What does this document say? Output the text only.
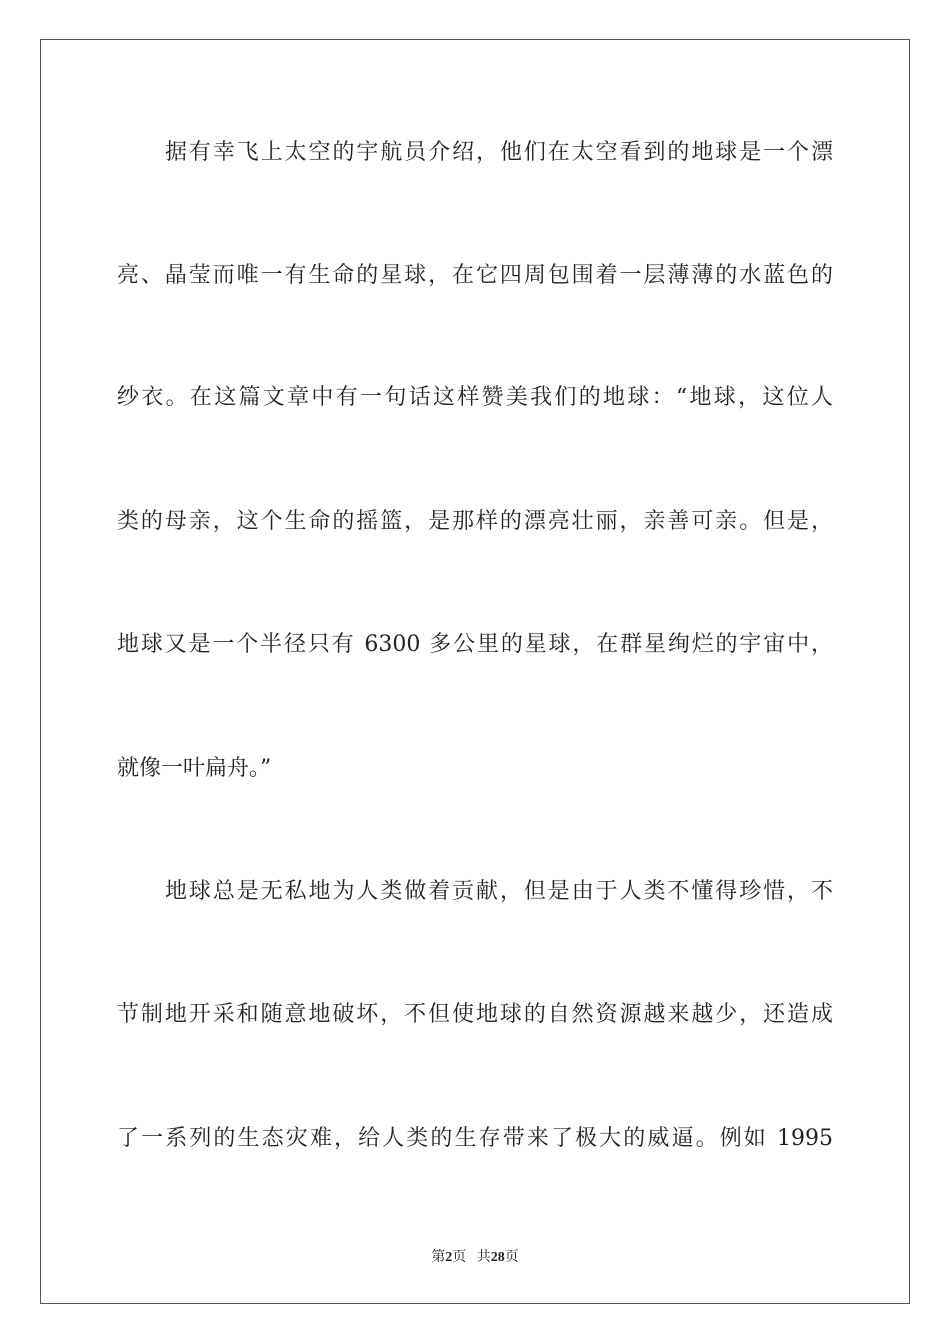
据有幸飞上太空的宇航员介绍，他们在太空看到的地球是一个漂

亮、晶莹而唯一有生命的星球，在它四周包围着一层薄薄的水蓝色的

纱衣。在这篇文章中有一句话这样赞美我们的地球：“地球，这位人

类的母亲，这个生命的摇篮，是那样的漂亮壮丽，亲善可亲。但是，

地球又是一个半径只有 6300 多公里的星球，在群星绚烂的宇宙中，

就像一叶扁舟。”

地球总是无私地为人类做着贡献，但是由于人类不懂得珍惜，不

节制地开采和随意地破坏，不但使地球的自然资源越来越少，还造成

了一系列的生态灾难，给人类的生存带来了极大的威逼。例如 1995

第2页 共28页
